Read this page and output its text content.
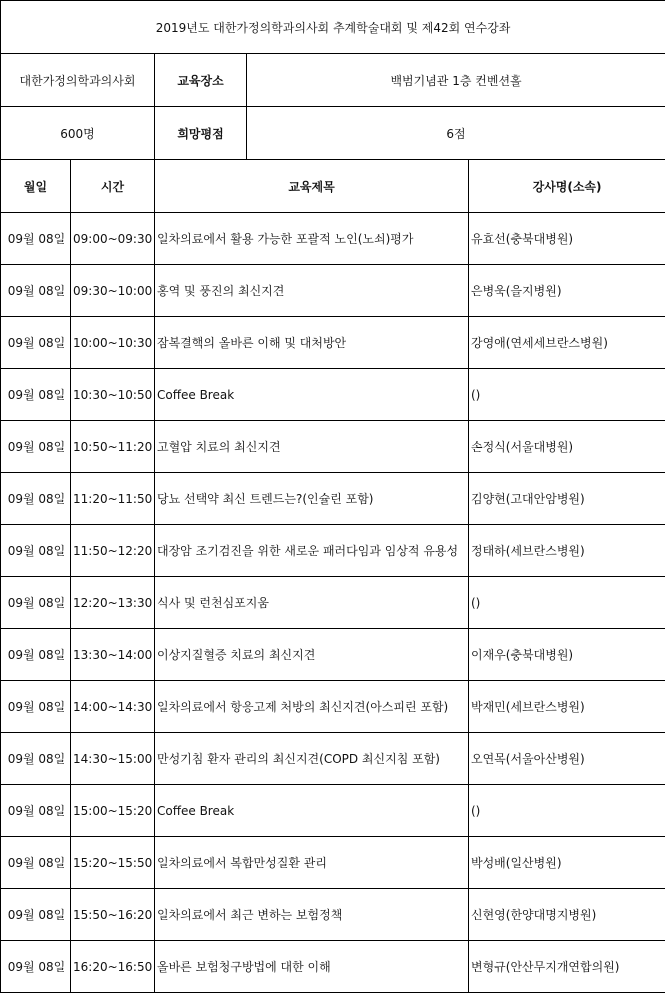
2019년도 대한가정의학과의사회 추계학술대회 및 제42회 연수강좌				
대한가정의학과의사회		교육장소	백범기념관 1층 컨벤션홀	
600명		희망평점	6점	
월일	시간	교육제목		강사명(소속)
09월 08일	09:00~09:30	일차의료에서 활용 가능한 포괄적 노인(노쇠)평가		유효선(충북대병원)
09월 08일	09:30~10:00	홍역 및 풍진의 최신지견		은병욱(을지병원)
09월 08일	10:00~10:30	잠복결핵의 올바른 이해 및 대처방안		강영애(연세세브란스병원)
09월 08일	10:30~10:50	Coffee Break		()
09월 08일	10:50~11:20	고혈압 치료의 최신지견		손정식(서울대병원)
09월 08일	11:20~11:50	당뇨 선택약 최신 트렌드는?(인슐린 포함)		김양현(고대안암병원)
09월 08일	11:50~12:20	대장암 조기검진을 위한 새로운 패러다임과 임상적 유용성		정태하(세브란스병원)
09월 08일	12:20~13:30	식사 및 런천심포지움		()
09월 08일	13:30~14:00	이상지질혈증 치료의 최신지견		이재우(충북대병원)
09월 08일	14:00~14:30	일차의료에서 항응고제 처방의 최신지견(아스피린 포함)		박재민(세브란스병원)
09월 08일	14:30~15:00	만성기침 환자 관리의 최신지견(COPD 최신지침 포함)		오연목(서울아산병원)
09월 08일	15:00~15:20	Coffee Break		()
09월 08일	15:20~15:50	일차의료에서 복합만성질환 관리		박성배(일산병원)
09월 08일	15:50~16:20	일차의료에서 최근 변하는 보험정책		신현영(한양대명지병원)
09월 08일	16:20~16:50	올바른 보험청구방법에 대한 이해		변형규(안산무지개연합의원)
